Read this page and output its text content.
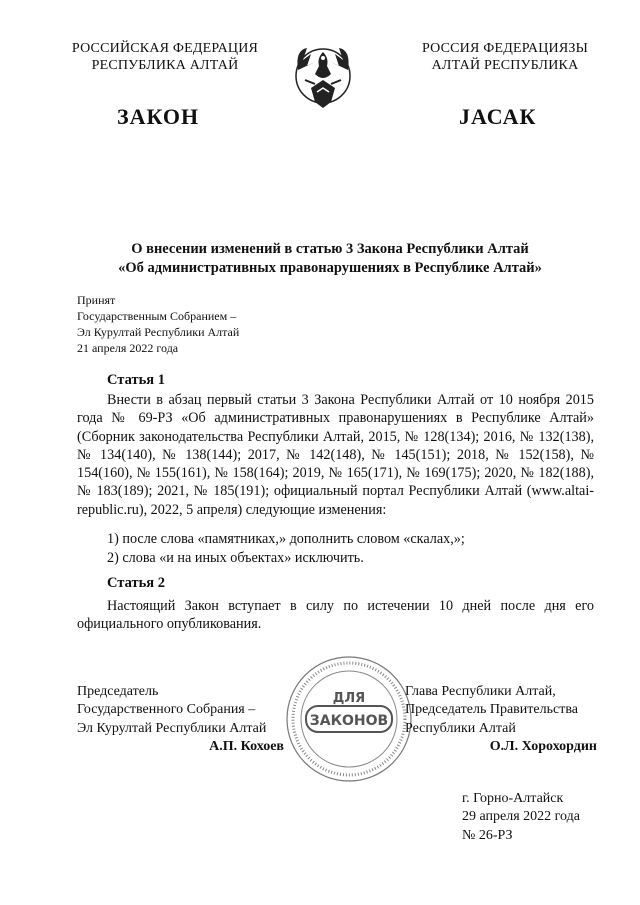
РОССИЙСКАЯ ФЕДЕРАЦИЯ
РЕСПУБЛИКА АЛТАЙ
РОССИЯ ФЕДЕРАЦИЯЗЫ
АЛТАЙ РЕСПУБЛИКА
ЗАКОН	ЈАСАК
О внесении изменений в статью 3 Закона Республики Алтай
«Об административных правонарушениях в Республике Алтай»
Принят
Государственным Собранием –
Эл Курултай Республики Алтай
21 апреля 2022 года
Статья 1
Внести в абзац первый статьи 3 Закона Республики Алтай от 10 ноября 2015 года № 69-РЗ «Об административных правонарушениях в Республике Алтай» (Сборник законодательства Республики Алтай, 2015, № 128(134); 2016, № 132(138), № 134(140), № 138(144); 2017, № 142(148), № 145(151); 2018, № 152(158), № 154(160), № 155(161), № 158(164); 2019, № 165(171), № 169(175); 2020, № 182(188), № 183(189); 2021, № 185(191); официальный портал Республики Алтай (www.altai-republic.ru), 2022, 5 апреля) следующие изменения:
1) после слова «памятниках,» дополнить словом «скалах,»;
2) слова «и на иных объектах» исключить.
Статья 2
Настоящий Закон вступает в силу по истечении 10 дней после дня его официального опубликования.
ДЛЯ
ЗАКОНОВ
Председатель
Государственного Собрания –
Эл Курултай Республики Алтай
А.П. Кохоев
Глава Республики Алтай,
Председатель Правительства
Республики Алтай
О.Л. Хорохордин
г. Горно-Алтайск
29 апреля 2022 года
№ 26-РЗ
